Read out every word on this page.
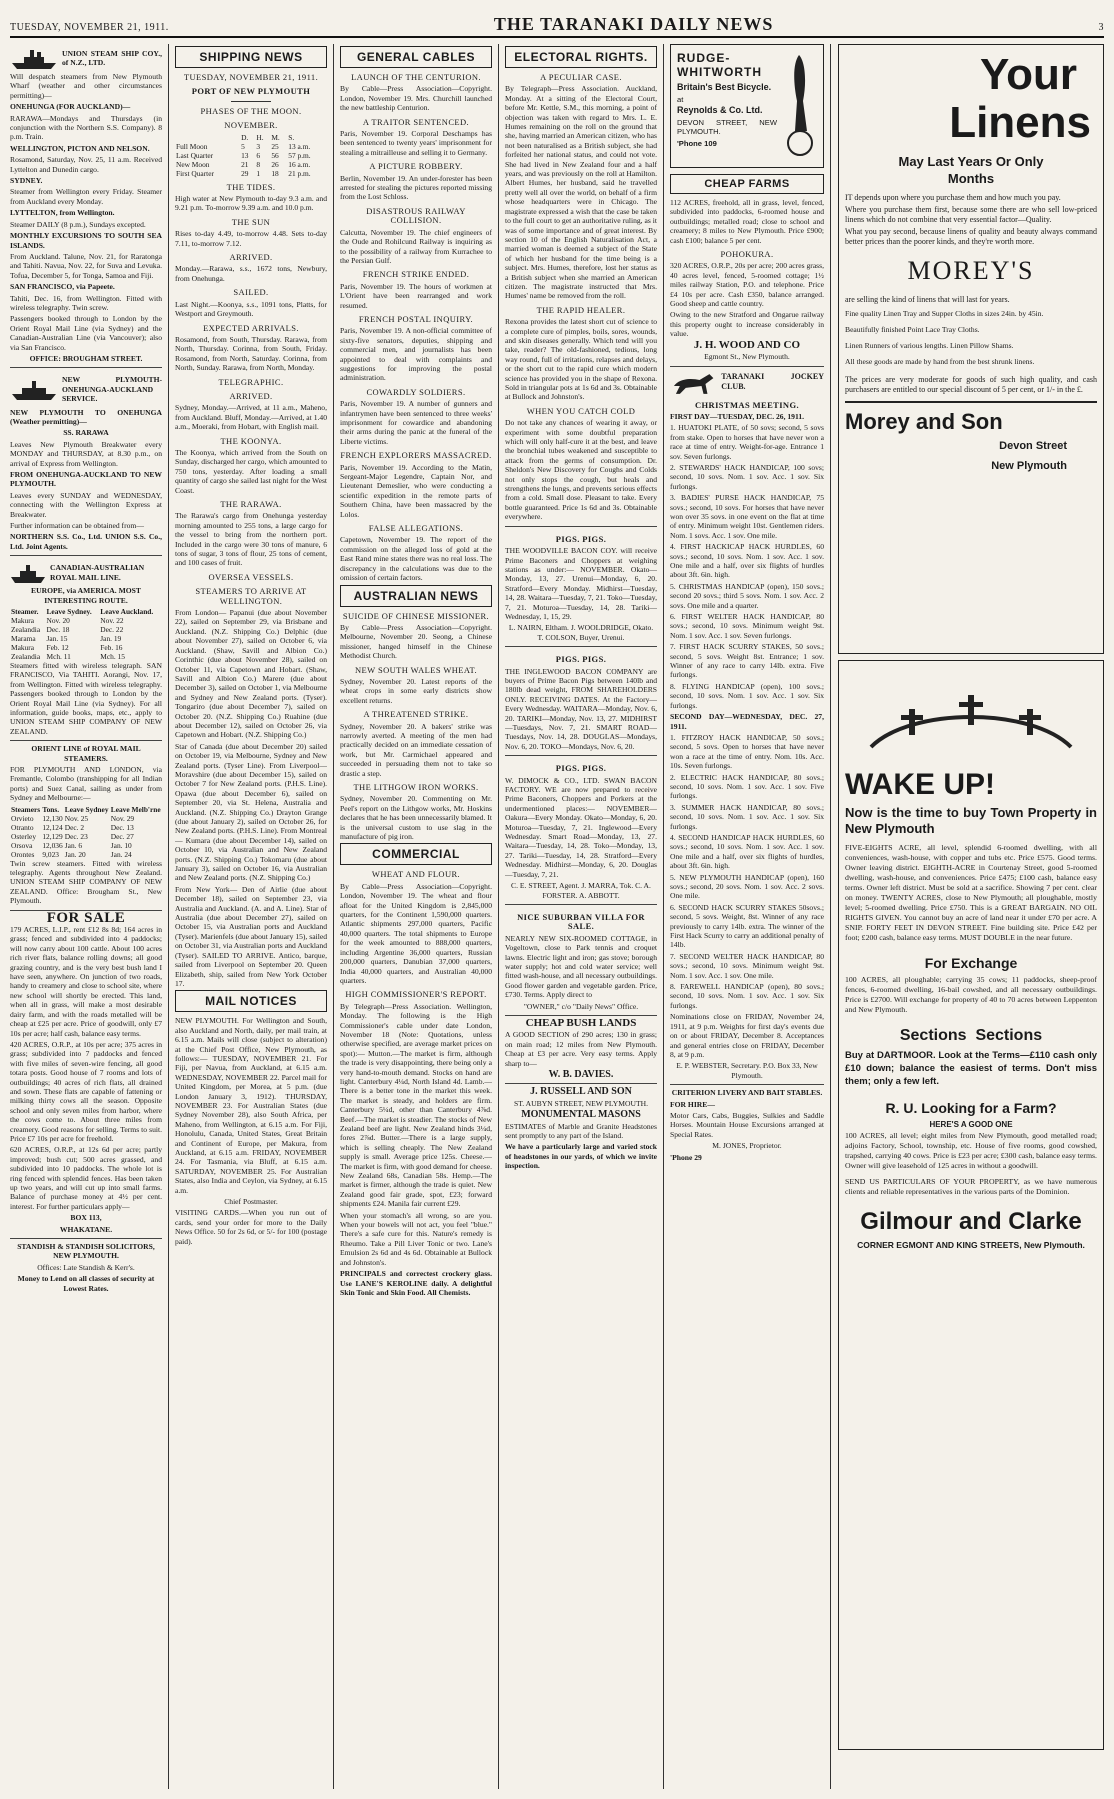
TUESDAY, NOVEMBER 21, 1911.	THE TARANAKI DAILY NEWS	3
UNION STEAM SHIP COY., of N.Z., LTD.

Will despatch steamers from New Plymouth Wharf (weather and other circumstances permitting)—

ONEHUNGA (FOR AUCKLAND)—

RARAWA—Mondays and Thursdays (in conjunction with the Northern S.S. Company). 8 p.m. Train.

WELLINGTON, PICTON AND NELSON.

Rosamond, Saturday, Nov. 25, 11 a.m. Received Lyttelton and Dunedin cargo.

SYDNEY.

Steamer from Wellington every Friday. Steamer from Auckland every Monday.

LYTTELTON, from Wellington.

Steamer DAILY (8 p.m.), Sundays excepted.

MONTHLY EXCURSIONS TO SOUTH SEA ISLANDS.

From Auckland. Talune, Nov. 21, for Raratonga and Tahiti. Navua, Nov. 22, for Suva and Levuka. Tofua, December 5, for Tonga, Samoa and Fiji.

SAN FRANCISCO, via Papeete.

Tahiti, Dec. 16, from Wellington. Fitted with wireless telegraphy. Twin screw.

Passengers booked through to London by the Orient Royal Mail Line (via Sydney) and the Canadian-Australian Line (via Vancouver); also via San Francisco.

OFFICE: BROUGHAM STREET.

NEW PLYMOUTH-ONEHUNGA-AUCKLAND SERVICE.

NEW PLYMOUTH TO ONEHUNGA (Weather permitting)—

SS. RARAWA

Leaves New Plymouth Breakwater every MONDAY and THURSDAY, at 8.30 p.m., on arrival of Express from Wellington.

FROM ONEHUNGA-AUCKLAND TO NEW PLYMOUTH.

Leaves every SUNDAY and WEDNESDAY, connecting with the Wellington Express at Breakwater.

Further information can be obtained from—

NORTHERN S.S. Co., Ltd. UNION S.S. Co., Ltd. Joint Agents.

CANADIAN-AUSTRALIAN ROYAL MAIL LINE.

EUROPE, via AMERICA. MOST INTERESTING ROUTE.

Steamer.	Leave Sydney.	Leave Auckland.
Makura	Nov. 20	Nov. 22
Zealandia	Dec. 18	Dec. 22
Marama	Jan. 15	Jan. 19
Makura	Feb. 12	Feb. 16
Zealandia	Mch. 11	Mch. 15

Steamers fitted with wireless telegraph. SAN FRANCISCO, Via TAHITI. Aorangi, Nov. 17, from Wellington. Fitted with wireless telegraphy. Passengers booked through to London by the Orient Royal Mail Line (via Sydney). For all information, guide books, maps, etc., apply to UNION STEAM SHIP COMPANY OF NEW ZEALAND.

ORIENT LINE of ROYAL MAIL STEAMERS.

FOR PLYMOUTH AND LONDON, via Fremantle, Colombo (transhipping for all Indian ports) and Suez Canal, sailing as under from Sydney and Melbourne:—

Steamers	Tons.	Leave Sydney	Leave Melb'rne
Orvieto	12,130	Nov. 25	Nov. 29
Otranto	12,124	Dec. 2	Dec. 13
Osterley	12,129	Dec. 23	Dec. 27
Orsova	12,036	Jan. 6	Jan. 10
Orontes	9,023	Jan. 20	Jan. 24

Twin screw steamers. Fitted with wireless telegraphy. Agents throughout New Zealand. UNION STEAM SHIP COMPANY OF NEW ZEALAND. Office: Brougham St., New Plymouth.

FOR SALE

179 ACRES, L.I.P., rent £12 8s 8d; 164 acres in grass; fenced and subdivided into 4 paddocks; will now carry about 100 cattle. About 100 acres rich river flats, balance rolling downs; all good grazing country, and is the very best bush land I have seen, anywhere. On junction of two roads, handy to creamery and close to school site, where new school will shortly be erected. This land, when all in grass, will make a most desirable dairy farm, and with the roads metalled will be cheap at £25 per acre. Price of goodwill, only £7 10s per acre; half cash, balance easy terms.

420 ACRES, O.R.P., at 10s per acre; 375 acres in grass; subdivided into 7 paddocks and fenced with five miles of seven-wire fencing, all good totara posts. Good house of 7 rooms and lots of outbuildings; 40 acres of rich flats, all drained and sown. These flats are capable of fattening or milking thirty cows all the season. Opposite school and only seven miles from harbor, where the cows come to. About three miles from creamery. Good reasons for selling. Terms to suit. Price £7 10s per acre for freehold.

620 ACRES, O.R.P., at 12s 6d per acre; partly improved; bush cut; 500 acres grassed, and subdivided into 10 paddocks. The whole lot is ring fenced with splendid fences. Has been taken up two years, and will cut up into small farms. Balance of purchase money at 4½ per cent. interest. For further particulars apply—

BOX 113,

WHAKATANE.

STANDISH & STANDISH SOLICITORS, NEW PLYMOUTH.

Offices: Late Standish & Kerr's.

Money to Lend on all classes of security at Lowest Rates.

SHIPPING NEWS

TUESDAY, NOVEMBER 21, 1911.

PORT OF NEW PLYMOUTH

PHASES OF THE MOON.

NOVEMBER.

	D.	H.	M.	S.
Full Moon	5	3	25	13 a.m.
Last Quarter	13	6	56	57 p.m.
New Moon	21	8	26	16 a.m.
First Quarter	29	1	18	21 p.m.

THE TIDES.

High water at New Plymouth to-day 9.3 a.m. and 9.21 p.m. To-morrow 9.39 a.m. and 10.0 p.m.

THE SUN

Rises to-day 4.49, to-morrow 4.48. Sets to-day 7.11, to-morrow 7.12.

ARRIVED.

Monday.—Rarawa, s.s., 1672 tons, Newbury, from Onehunga.

SAILED.

Last Night.—Koonya, s.s., 1091 tons, Platts, for Westport and Greymouth.

EXPECTED ARRIVALS.

Rosamond, from South, Thursday. Rarawa, from North, Thursday. Corinna, from South, Friday. Rosamond, from North, Saturday. Corinna, from North, Sunday. Rarawa, from North, Monday.

TELEGRAPHIC.

ARRIVED.

Sydney, Monday.—Arrived, at 11 a.m., Maheno, from Auckland. Bluff, Monday.—Arrived, at 1.40 a.m., Moeraki, from Hobart, with English mail.

THE KOONYA.

The Koonya, which arrived from the South on Sunday, discharged her cargo, which amounted to 750 tons, yesterday. After loading a small quantity of cargo she sailed last night for the West Coast.

THE RARAWA.

The Rarawa's cargo from Onehunga yesterday morning amounted to 255 tons, a large cargo for the vessel to bring from the northern port. Included in the cargo were 30 tons of manure, 6 tons of sugar, 3 tons of flour, 25 tons of cement, and 100 cases of fruit.

OVERSEA VESSELS.

STEAMERS TO ARRIVE AT WELLINGTON.

From London— Papanui (due about November 22), sailed on September 29, via Brisbane and Auckland. (N.Z. Shipping Co.) Delphic (due about November 27), sailed on October 6, via Auckland. (Shaw, Savill and Albion Co.) Corinthic (due about November 28), sailed on October 11, via Capetown and Hobart. (Shaw, Savill and Albion Co.) Marere (due about December 3), sailed on October 1, via Melbourne and Sydney and New Zealand ports. (Tyser). Tongariro (due about December 7), sailed on October 20. (N.Z. Shipping Co.) Ruahine (due about December 12), sailed on October 26, via Capetown and Hobart. (N.Z. Shipping Co.)

Star of Canada (due about December 20) sailed on October 19, via Melbourne, Sydney and New Zealand ports. (Tyser Line). From Liverpool— Moravshire (due about December 15), sailed on October 7 for New Zealand ports. (P.H.S. Line). Opawa (due about December 6), sailed on September 20, via St. Helena, Australia and Auckland. (N.Z. Shipping Co.) Drayton Grange (due about January 2), sailed on October 26, for New Zealand ports. (P.H.S. Line). From Montreal— Kumara (due about December 14), sailed on October 10, via Australian and New Zealand ports. (N.Z. Shipping Co.) Tokomaru (due about January 3), sailed on October 16, via Australian and New Zealand ports. (N.Z. Shipping Co.)

From New York— Den of Airlie (due about December 18), sailed on September 23, via Australia and Auckland. (A. and A. Line). Star of Australia (due about December 27), sailed on October 15, via Australian ports and Auckland (Tyser). Marienfels (due about January 15), sailed on October 31, via Australian ports and Auckland (Tyser). SAILED TO ARRIVE. Antico, barque, sailed from Liverpool on September 20. Queen Elizabeth, ship, sailed from New York October 17.

MAIL NOTICES

NEW PLYMOUTH. For Wellington and South, also Auckland and North, daily, per mail train, at 6.15 a.m. Mails will close (subject to alteration) at the Chief Post Office, New Plymouth, as follows:— TUESDAY, NOVEMBER 21. For Fiji, per Navua, from Auckland, at 6.15 a.m. WEDNESDAY, NOVEMBER 22. Parcel mail for United Kingdom, per Morea, at 5 p.m. (due London January 3, 1912). THURSDAY, NOVEMBER 23. For Australian States (due Sydney November 28), also South Africa, per Maheno, from Wellington, at 6.15 a.m. For Fiji, Honolulu, Canada, United States, Great Britain and Continent of Europe, per Makura, from Auckland, at 6.15 a.m. FRIDAY, NOVEMBER 24. For Tasmania, via Bluff, at 6.15 a.m. SATURDAY, NOVEMBER 25. For Australian States, also India and Ceylon, via Sydney, at 6.15 a.m.

Chief Postmaster.

VISITING CARDS.—When you run out of cards, send your order for more to the Daily News Office. 50 for 2s 6d, or 5/- for 100 (postage paid).

GENERAL CABLES

LAUNCH OF THE CENTURION.

By Cable—Press Association—Copyright. London, November 19. Mrs. Churchill launched the new battleship Centurion.

A TRAITOR SENTENCED.

Paris, November 19. Corporal Deschamps has been sentenced to twenty years' imprisonment for stealing a mitrailleuse and selling it to Germany.

A PICTURE ROBBERY.

Berlin, November 19. An under-forester has been arrested for stealing the pictures reported missing from the Lost Schloss.

DISASTROUS RAILWAY COLLISION.

Calcutta, November 19. The chief engineers of the Oude and Rohilcund Railway is inquiring as to the possibility of a railway from Kurrachee to the Persian Gulf.

FRENCH STRIKE ENDED.

Paris, November 19. The hours of workmen at L'Orient have been rearranged and work resumed.

FRENCH POSTAL INQUIRY.

Paris, November 19. A non-official committee of sixty-five senators, deputies, shipping and commercial men, and journalists has been appointed to deal with complaints and suggestions for improving the postal administration.

COWARDLY SOLDIERS.

Paris, November 19. A number of gunners and infantrymen have been sentenced to three weeks' imprisonment for cowardice and abandoning their arms during the panic at the funeral of the Liberte victims.

FRENCH EXPLORERS MASSACRED.

Paris, November 19. According to the Matin, Sergeant-Major Legendre, Captain Nor, and Lieutenant Demeslier, who were conducting a scientific expedition in the remote parts of Southern China, have been massacred by the Lolos.

FALSE ALLEGATIONS.

Capetown, November 19. The report of the commission on the alleged loss of gold at the East Rand mine states there was no real loss. The discrepancy in the calculations was due to the omission of certain factors.

AUSTRALIAN NEWS

SUICIDE OF CHINESE MISSIONER.

By Cable—Press Association—Copyright. Melbourne, November 20. Seong, a Chinese missioner, hanged himself in the Chinese Methodist Church.

NEW SOUTH WALES WHEAT.

Sydney, November 20. Latest reports of the wheat crops in some early districts show excellent returns.

A THREATENED STRIKE.

Sydney, November 20. A bakers' strike was narrowly averted. A meeting of the men had practically decided on an immediate cessation of work, but Mr. Carmichael appeared and succeeded in persuading them not to take so drastic a step.

THE LITHGOW IRON WORKS.

Sydney, November 20. Commenting on Mr. Peel's report on the Lithgow works, Mr. Hoskins declares that he has been unnecessarily blamed. It is the universal custom to use slag in the manufacture of pig iron.

COMMERCIAL

WHEAT AND FLOUR.

By Cable—Press Association—Copyright. London, November 19. The wheat and flour afloat for the United Kingdom is 2,845,000 quarters, for the Continent 1,590,000 quarters. Atlantic shipments 297,000 quarters, Pacific 40,000 quarters. The total shipments to Europe for the week amounted to 888,000 quarters, including Argentine 36,000 quarters, Russian 200,000 quarters, Danubian 37,000 quarters, India 40,000 quarters, and Australian 40,000 quarters.

HIGH COMMISSIONER'S REPORT.

By Telegraph—Press Association. Wellington, Monday. The following is the High Commissioner's cable under date London, November 18 (Note: Quotations, unless otherwise specified, are average market prices on spot):— Mutton.—The market is firm, although the trade is very disappointing, there being only a very hand-to-mouth demand. Stocks on hand are light. Canterbury 4¼d, North Island 4d. Lamb.—There is a better tone in the market this week. The market is steady, and holders are firm. Canterbury 5¼d, other than Canterbury 4⅞d. Beef.—The market is steadier. The stocks of New Zealand beef are light. New Zealand hinds 3¼d, fores 2⅞d. Butter.—There is a large supply, which is selling cheaply. The New Zealand supply is small. Average price 125s. Cheese.—The market is firm, with good demand for cheese. New Zealand 68s, Canadian 58s. Hemp.—The market is firmer, although the trade is quiet. New Zealand good fair grade, spot, £23; forward shipments £24. Manila fair current £29.

When your stomach's all wrong, so are you. When your bowels will not act, you feel "blue." There's a safe cure for this. Nature's remedy is Rheumo. Take a Pill Liver Tonic or two. Lane's Emulsion 2s 6d and 4s 6d. Obtainable at Bullock and Johnston's.

PRINCIPALS and correctest crockery glass. Use LANE'S KEROLINE daily. A delightful Skin Tonic and Skin Food. All Chemists.

ELECTORAL RIGHTS.

A PECULIAR CASE.

By Telegraph—Press Association. Auckland, Monday. At a sitting of the Electoral Court, before Mr. Kettle, S.M., this morning, a point of objection was taken with regard to Mrs. L. E. Humes remaining on the roll on the ground that she, having married an American citizen, who has not been naturalised as a British subject, she had forfeited her national status, and could not vote. She had lived in New Zealand four and a half years, and was previously on the roll at Hamilton. Albert Humes, her husband, said he travelled pretty well all over the world, on behalf of a firm whose headquarters were in Chicago. The magistrate expressed a wish that the case be taken to the full court to get an authoritative ruling, as it was of some importance and of great interest. By section 10 of the English Naturalisation Act, a married woman is deemed a subject of the State of which her husband for the time being is a subject. Mrs. Humes, therefore, lost her status as a British subject when she married an American citizen. The magistrate instructed that Mrs. Humes' name be removed from the roll.

THE RAPID HEALER.

Rexona provides the latest short cut of science to a complete cure of pimples, boils, sores, wounds, and skin diseases generally. Which tend will you take, reader? The old-fashioned, tedious, long way round, full of irritations, relapses and delays, or the short cut to the rapid cure which modern science has provided you in the shape of Rexona. Sold in triangular pots at 1s 6d and 3s. Obtainable at Bullock and Johnston's.

WHEN YOU CATCH COLD

Do not take any chances of wearing it away, or experiment with some doubtful preparation which will only half-cure it at the best, and leave the bronchial tubes weakened and susceptible to attack from the germs of consumption. Dr. Sheldon's New Discovery for Coughs and Colds not only stops the cough, but heals and strengthens the lungs, and prevents serious effects from a cold. Small dose. Pleasant to take. Every bottle guaranteed. Price 1s 6d and 3s. Obtainable everywhere.

PIGS. PIGS.

THE WOODVILLE BACON COY. will receive Prime Baconers and Choppers at weighing stations as under:— NOVEMBER. Okato—Monday, 13, 27. Urenui—Monday, 6, 20. Stratford—Every Monday. Midhirst—Tuesday, 14, 28. Waitara—Tuesday, 7, 21. Toko—Tuesday, 7, 21. Moturoa—Tuesday, 14, 28. Tariki—Wednesday, 1, 15, 29.

L. NAIRN, Eltham. J. WOOLDRIDGE, Okato. T. COLSON, Buyer, Urenui.

PIGS. PIGS.

THE INGLEWOOD BACON COMPANY are buyers of Prime Bacon Pigs between 140lb and 180lb dead weight, FROM SHAREHOLDERS ONLY. RECEIVING DATES. At the Factory—Every Wednesday. WAITARA—Monday, Nov. 6, 20. TARIKI—Monday, Nov. 13, 27. MIDHIRST—Tuesdays, Nov. 7, 21. SMART ROAD—Tuesdays, Nov. 14, 28. DOUGLAS—Mondays, Nov. 6, 20. TOKO—Mondays, Nov. 6, 20.

PIGS. PIGS.

W. DIMOCK & CO., LTD. SWAN BACON FACTORY. WE are now prepared to receive Prime Baconers, Choppers and Porkers at the undermentioned places:— NOVEMBER— Oakura—Every Monday. Okato—Monday, 6, 20. Moturoa—Tuesday, 7, 21. Inglewood—Every Wednesday. Smart Road—Monday, 13, 27. Waitara—Tuesday, 14, 28. Toko—Monday, 13, 27. Tariki—Tuesday, 14, 28. Stratford—Every Wednesday. Midhirst—Monday, 6, 20. Douglas—Tuesday, 7, 21.

C. E. STREET, Agent. J. MARRA, Tok. C. A. FORSTER. A. ABBOTT.

NICE SUBURBAN VILLA FOR SALE.

NEARLY NEW SIX-ROOMED COTTAGE, in Vogeltown, close to Park tennis and croquet lawns. Electric light and iron; gas stove; borough water supply; hot and cold water service; well fitted wash-house, and all necessary outbuildings. Good flower garden and vegetable garden. Price, £730. Terms. Apply direct to

"OWNER," c/o "Daily News" Office.

CHEAP BUSH LANDS

A GOOD SECTION of 290 acres; 130 in grass; on main road; 12 miles from New Plymouth. Cheap at £3 per acre. Very easy terms. Apply sharp to—

W. B. DAVIES.

J. RUSSELL AND SON

ST. AUBYN STREET, NEW PLYMOUTH.

MONUMENTAL MASONS

ESTIMATES of Marble and Granite Headstones sent promptly to any part of the Island.

We have a particularly large and varied stock of headstones in our yards, of which we invite inspection.

RUDGE-WHITWORTH

Britain's Best Bicycle.

at

Reynolds & Co. Ltd.

DEVON STREET, NEW PLYMOUTH.

'Phone 109

CHEAP FARMS

112 ACRES, freehold, all in grass, level, fenced, subdivided into paddocks, 6-roomed house and outbuildings; metalled road; close to school and creamery; 8 miles to New Plymouth. Price £900; cash £100; balance 5 per cent.

POHOKURA.

320 ACRES, O.R.P., 20s per acre; 200 acres grass, 40 acres level, fenced, 5-roomed cottage; 1½ miles railway Station, P.O. and telephone. Price £4 10s per acre. Cash £350, balance arranged. Good sheep and cattle country.

Owing to the new Stratford and Ongarue railway this property ought to increase considerably in value.

J. H. WOOD AND CO

Egmont St., New Plymouth.

TARANAKI JOCKEY CLUB.

CHRISTMAS MEETING.

FIRST DAY—TUESDAY, DEC. 26, 1911.

1. HUATOKI PLATE, of 50 sovs; second, 5 sovs from stake. Open to horses that have never won a race at time of entry. Weight-for-age. Entrance 1 sov. Seven furlongs.

2. STEWARDS' HACK HANDICAP, 100 sovs; second, 10 sovs. Nom. 1 sov. Acc. 1 sov. Six furlongs.

3. BADIES' PURSE HACK HANDICAP, 75 sovs.; second, 10 sovs. For horses that have never won over 35 sovs. in one event on the flat at time of entry. Minimum weight 10st. Gentlemen riders. Nom. 1 sovs. Acc. 1 sov. One mile.

4. FIRST HACKICAP HACK HURDLES, 60 sovs.; second, 10 sovs. Nom. 1 sov. Acc. 1 sov. One mile and a half, over six flights of hurdles about 3ft. 6in. high.

5. CHRISTMAS HANDICAP (open), 150 sovs.; second 20 sovs.; third 5 sovs. Nom. 1 sov. Acc. 2 sovs. One mile and a quarter.

6. FIRST WELTER HACK HANDICAP, 80 sovs.; second, 10 sovs. Minimum weight 9st. Nom. 1 sov. Acc. 1 sov. Seven furlongs.

7. FIRST HACK SCURRY STAKES, 50 sovs.; second, 5 sovs. Weight 8st. Entrance; 1 sov. Winner of any race to carry 14lb. extra. Five furlongs.

8. FLYING HANDICAP (open), 100 sovs.; second, 10 sovs. Nom. 1 sov. Acc. 1 sov. Six furlongs.

SECOND DAY—WEDNESDAY, DEC. 27, 1911.

1. FITZROY HACK HANDICAP, 50 sovs.; second, 5 sovs. Open to horses that have never won a race at the time of entry. Nom. 10s. Acc. 10s. Seven furlongs.

2. ELECTRIC HACK HANDICAP, 80 sovs.; second, 10 sovs. Nom. 1 sov. Acc. 1 sov. Five furlongs.

3. SUMMER HACK HANDICAP, 80 sovs.; second, 10 sovs. Nom. 1 sov. Acc. 1 sov. Six furlongs.

4. SECOND HANDICAP HACK HURDLES, 60 sovs.; second, 10 sovs. Nom. 1 sov. Acc. 1 sov. One mile and a half, over six flights of hurdles, about 3ft. 6in. high.

5. NEW PLYMOUTH HANDICAP (open), 160 sovs.; second, 20 sovs. Nom. 1 sov. Acc. 2 sovs. One mile.

6. SECOND HACK SCURRY STAKES 50sovs.; second, 5 sovs. Weight, 8st. Winner of any race previously to carry 14lb. extra. The winner of the First Hack Scurry to carry an additional penalty of 14lb.

7. SECOND WELTER HACK HANDICAP, 80 sovs.; second, 10 sovs. Minimum weight 9st. Nom. 1 sov. Acc. 1 sov. One mile.

8. FAREWELL HANDICAP (open), 80 sovs.; second, 10 sovs. Nom. 1 sov. Acc. 1 sov. Six furlongs.

Nominations close on FRIDAY, November 24, 1911, at 9 p.m. Weights for first day's events due on or about FRIDAY, December 8. Acceptances and general entries close on FRIDAY, December 8, at 9 p.m.

E. P. WEBSTER, Secretary. P.O. Box 33, New Plymouth.

CRITERION LIVERY AND BAIT STABLES.

FOR HIRE—

Motor Cars, Cabs, Buggies, Sulkies and Saddle Horses. Mountain House Excursions arranged at Special Rates.

M. JONES, Proprietor.

'Phone 29

Your
Linens

May Last Years Or Only Months

IT depends upon where you purchase them and how much you pay.

Where you purchase them first, because some there are who sell low-priced linens which do not combine that very essential factor—Quality.

What you pay second, because linens of quality and beauty always command better prices than the poorer kinds, and they're worth more.

MOREY'S

are selling the kind of linens that will last for years.

Fine quality Linen Tray and Supper Cloths in sizes 24in. by 45in.

Beautifully finished Point Lace Tray Cloths.

Linen Runners of various lengths. Linen Pillow Shams.

All these goods are made by hand from the best shrunk linens.

The prices are very moderate for goods of such high quality, and cash purchasers are entitled to our special discount of 5 per cent, or 1/- in the £.

Morey and Son

Devon Street

New Plymouth

WAKE UP!

Now is the time to buy Town Property in New Plymouth

FIVE-EIGHTS ACRE, all level, splendid 6-roomed dwelling, with all conveniences, wash-house, with copper and tubs etc. Price £575. Good terms. Owner leaving district. EIGHTH-ACRE in Courtenay Street, good 5-roomed dwelling, wash-house, and conveniences. Price £475; £100 cash, balance easy terms. Owner left district. Must be sold at a sacrifice. Showing 7 per cent. clear on money. TWENTY ACRES, close to New Plymouth; all ploughable, mostly level; 5-roomed dwelling. Price £750. This is a GREAT BARGAIN. NO OIL RIGHTS GIVEN. You cannot buy an acre of land near it under £70 per acre. A SNIP. FORTY FEET IN DEVON STREET. Fine building site. Price £42 per foot; £200 cash, balance easy terms. MUST DOUBLE in the near future.

For Exchange

100 ACRES, all ploughable; carrying 35 cows; 11 paddocks, sheep-proof fences, 6-roomed dwelling, 16-bail cowshed, and all necessary outbuildings. Price is £2700. Will exchange for property of 40 to 70 acres between Leppenton and New Plymouth.

Sections  Sections

Buy at DARTMOOR. Look at the Terms—£110 cash only £10 down; balance the easiest of terms. Don't miss them; only a few left.

R. U. Looking for a Farm?

HERE'S A GOOD ONE

100 ACRES, all level; eight miles from New Plymouth, good metalled road; adjoins Factory, School, township, etc. House of five rooms, good cowshed, trapshed, carrying 40 cows. Price is £23 per acre; £300 cash, balance easy terms. Owner will give leasehold of 125 acres in without a goodwill.

SEND US PARTICULARS OF YOUR PROPERTY, as we have numerous clients and reliable representatives in the various parts of the Dominion.

Gilmour and Clarke

CORNER EGMONT AND KING STREETS, New Plymouth.
